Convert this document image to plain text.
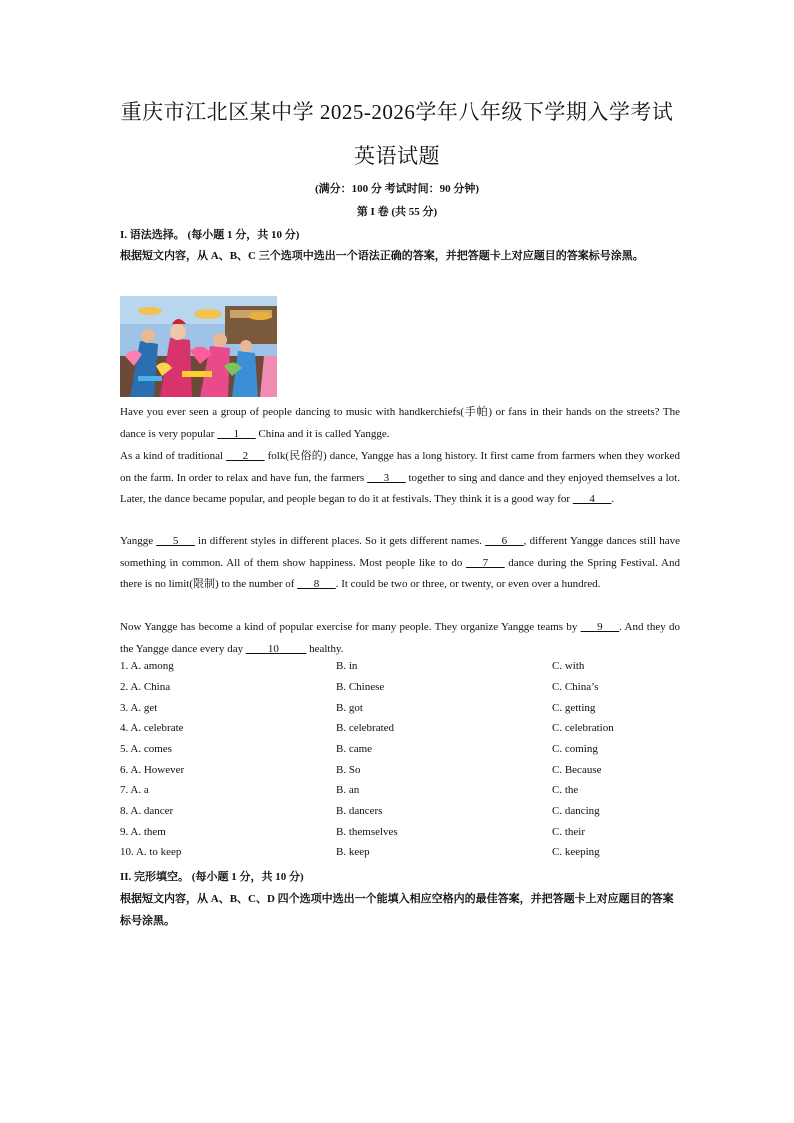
重庆市江北区某中学 2025-2026学年八年级下学期入学考试
英语试题
(满分：100 分 考试时间：90 分钟)
第 I 卷 (共 55 分)
I. 语法选择。 (每小题 1 分，共 10 分)
根据短文内容，从 A、B、C 三个选项中选出一个语法正确的答案，并把答题卡上对应题目的答案标号涂黑。
Have you ever seen a group of people dancing to music with handkerchiefs(手帕) or fans in their hands on the streets? The dance is very popular ___1___ China and it is called Yangge.
As a kind of traditional ___2___ folk(民俗的) dance, Yangge has a long history. It first came from farmers when they worked on the farm. In order to relax and have fun, the farmers ___3___ together to sing and dance and they enjoyed themselves a lot. Later, the dance became popular, and people began to do it at festivals. They think it is a good way for ___4___.
Yangge ___5___ in different styles in different places. So it gets different names. ___6___, different Yangge dances still have something in common. All of them show happiness. Most people like to do ___7___ dance during the Spring Festival. And there is no limit(限制) to the number of ___8___. It could be two or three, or twenty, or even over a hundred.
Now Yangge has become a kind of popular exercise for many people. They organize Yangge teams by ___9___. And they do the Yangge dance every day ____10_____ healthy.
1. A. among	B. in	C. with
2. A. China	B. Chinese	C. China’s
3. A. get	B. got	C. getting
4. A. celebrate	B. celebrated	C. celebration
5. A. comes	B. came	C. coming
6. A. However	B. So	C. Because
7. A. a	B. an	C. the
8. A. dancer	B. dancers	C. dancing
9. A. them	B. themselves	C. their
10. A. to keep	B. keep	C. keeping
II. 完形填空。 (每小题 1 分，共 10 分)
根据短文内容，从 A、B、C、D 四个选项中选出一个能填入相应空格内的最佳答案，并把答题卡上对应题目的答案标号涂黑。
